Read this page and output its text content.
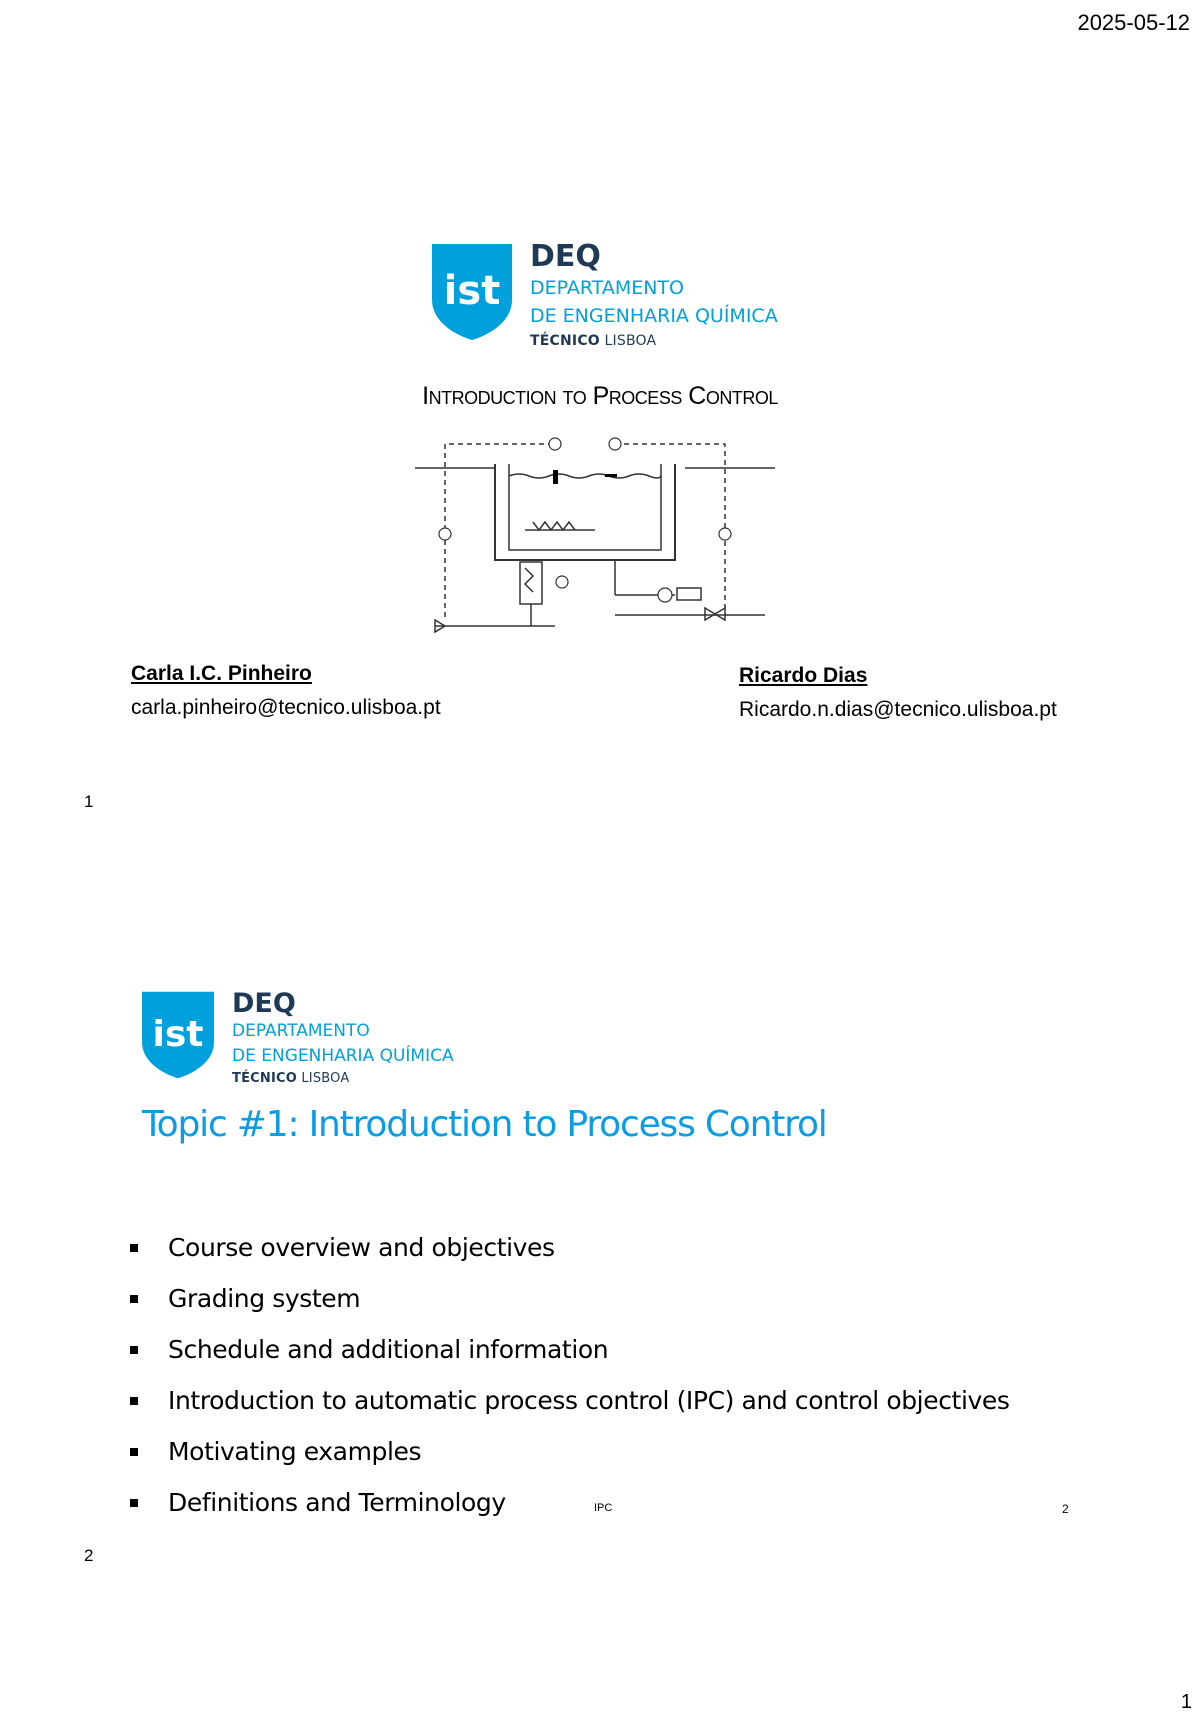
2025-05-12
ist
DEQ
DEPARTAMENTO
DE ENGENHARIA QUÍMICA
TÉCNICO LISBOA
Introduction to Process Control
Carla I.C. Pinheiro
carla.pinheiro@tecnico.ulisboa.pt
Ricardo Dias
Ricardo.n.dias@tecnico.ulisboa.pt
1
ist
DEQ
DEPARTAMENTO
DE ENGENHARIA QUÍMICA
TÉCNICO LISBOA
Topic #1: Introduction to Process Control
Course overview and objectives
Grading system
Schedule and additional information
Introduction to automatic process control (IPC) and control objectives
Motivating examples
Definitions and Terminology	IPC	2
2
1
